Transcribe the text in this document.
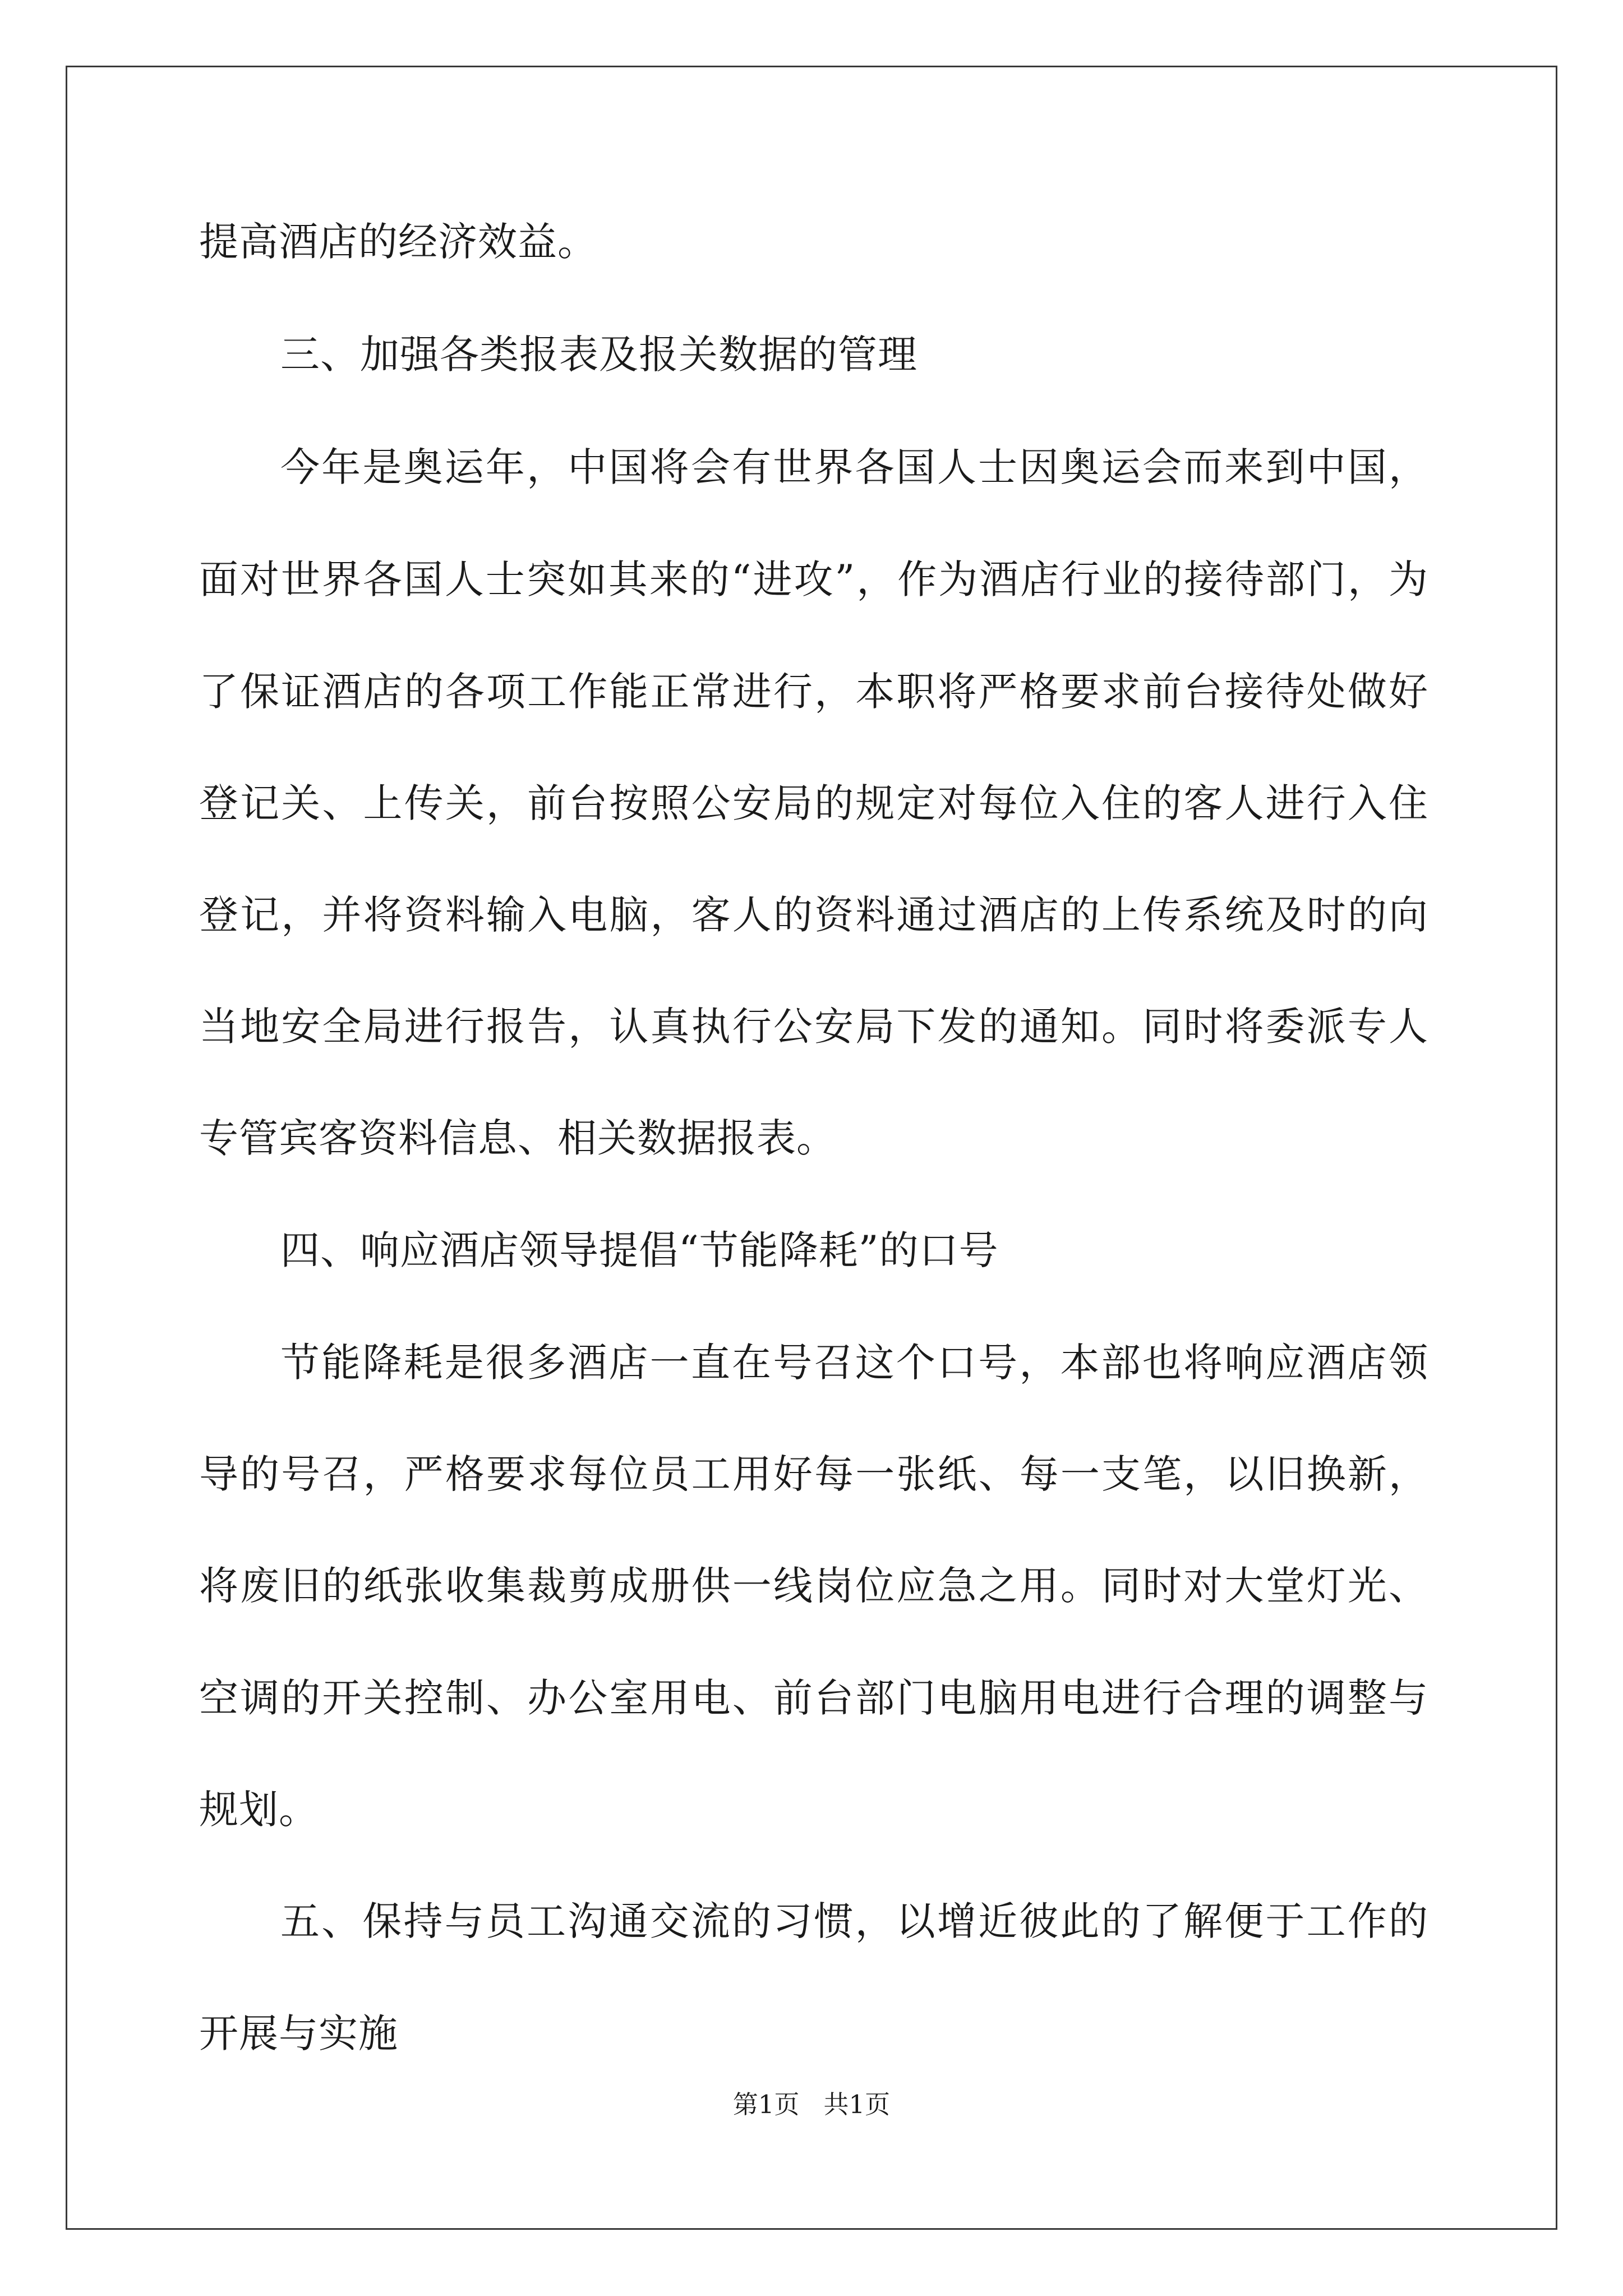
提高酒店的经济效益。
三、加强各类报表及报关数据的管理
今年是奥运年，中国将会有世界各国人士因奥运会而来到中国，
面对世界各国人士突如其来的“进攻”，作为酒店行业的接待部门，为
了保证酒店的各项工作能正常进行，本职将严格要求前台接待处做好
登记关、上传关，前台按照公安局的规定对每位入住的客人进行入住
登记，并将资料输入电脑，客人的资料通过酒店的上传系统及时的向
当地安全局进行报告，认真执行公安局下发的通知。同时将委派专人
专管宾客资料信息、相关数据报表。
四、响应酒店领导提倡“节能降耗”的口号
节能降耗是很多酒店一直在号召这个口号，本部也将响应酒店领
导的号召，严格要求每位员工用好每一张纸、每一支笔，以旧换新，
将废旧的纸张收集裁剪成册供一线岗位应急之用。同时对大堂灯光、
空调的开关控制、办公室用电、前台部门电脑用电进行合理的调整与
规划。
五、保持与员工沟通交流的习惯，以增近彼此的了解便于工作的
开展与实施
第1页   共1页
